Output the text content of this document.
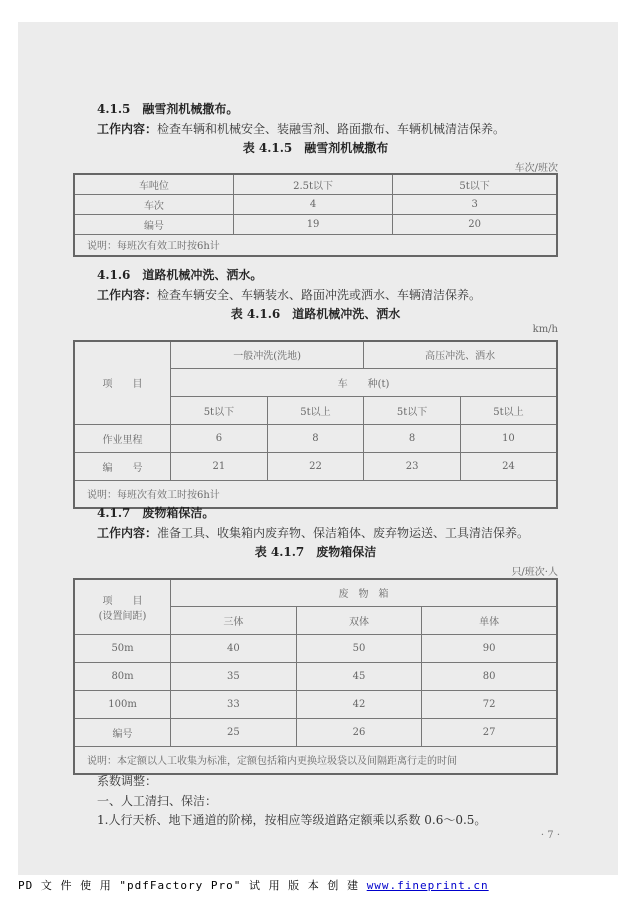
4.1.5　融雪剂机械撒布。
工作内容：检查车辆和机械安全、装融雪剂、路面撒布、车辆机械清洁保养。
表 4.1.5　融雪剂机械撒布
车次/班次
车吨位	2.5t以下	5t以下
车次	4	3
编号	19	20
说明：每班次有效工时按6h计		
4.1.6　道路机械冲洗、洒水。
工作内容：检查车辆安全、车辆装水、路面冲洗或洒水、车辆清洁保养。
表 4.1.6　道路机械冲洗、洒水
km/h
项　　目	一般冲洗(洗地)		高压冲洗、洒水	
	车　　种(t)			
	5t以下	5t以上	5t以下	5t以上
作业里程	6	8	8	10
编　　号	21	22	23	24
说明：每班次有效工时按6h计				
4.1.7　废物箱保洁。
工作内容：准备工具、收集箱内废弃物、保洁箱体、废弃物运送、工具清洁保养。
表 4.1.7　废物箱保洁
只/班次·人
项　　目
(设置间距)	废　物　箱		
	三体	双体	单体
50m	40	50	90
80m	35	45	80
100m	33	42	72
编号	25	26	27
说明：本定额以人工收集为标准，定额包括箱内更换垃圾袋以及间隔距离行走的时间			
系数调整：
一、人工清扫、保洁：
1.人行天桥、地下通道的阶梯，按相应等级道路定额乘以系数 0.6～0.5。
· 7 ·
PD 文 件 使 用 "pdfFactory Pro" 试 用 版 本 创 建 www.fineprint.cn
